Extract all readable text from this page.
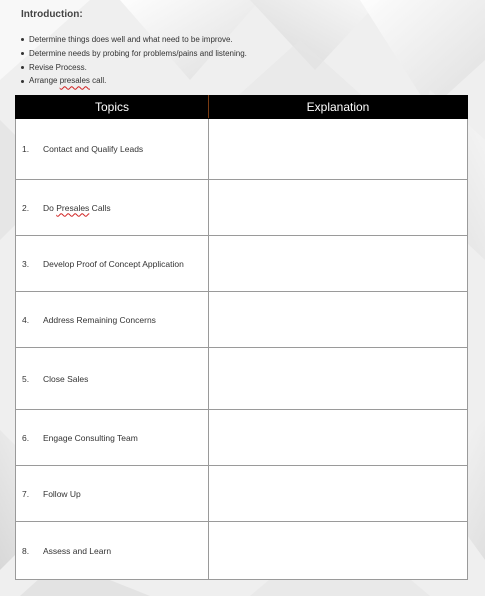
Introduction:
Determine things does well and what need to be improve.
Determine needs by probing for problems/pains and listening.
Revise Process.
Arrange presales call.
Topics	Explanation
1. Contact and Qualify Leads	
2. Do Presales Calls	
3. Develop Proof of Concept Application	
4. Address Remaining Concerns	
5. Close Sales	
6. Engage Consulting Team	
7. Follow Up	
8. Assess and Learn	
